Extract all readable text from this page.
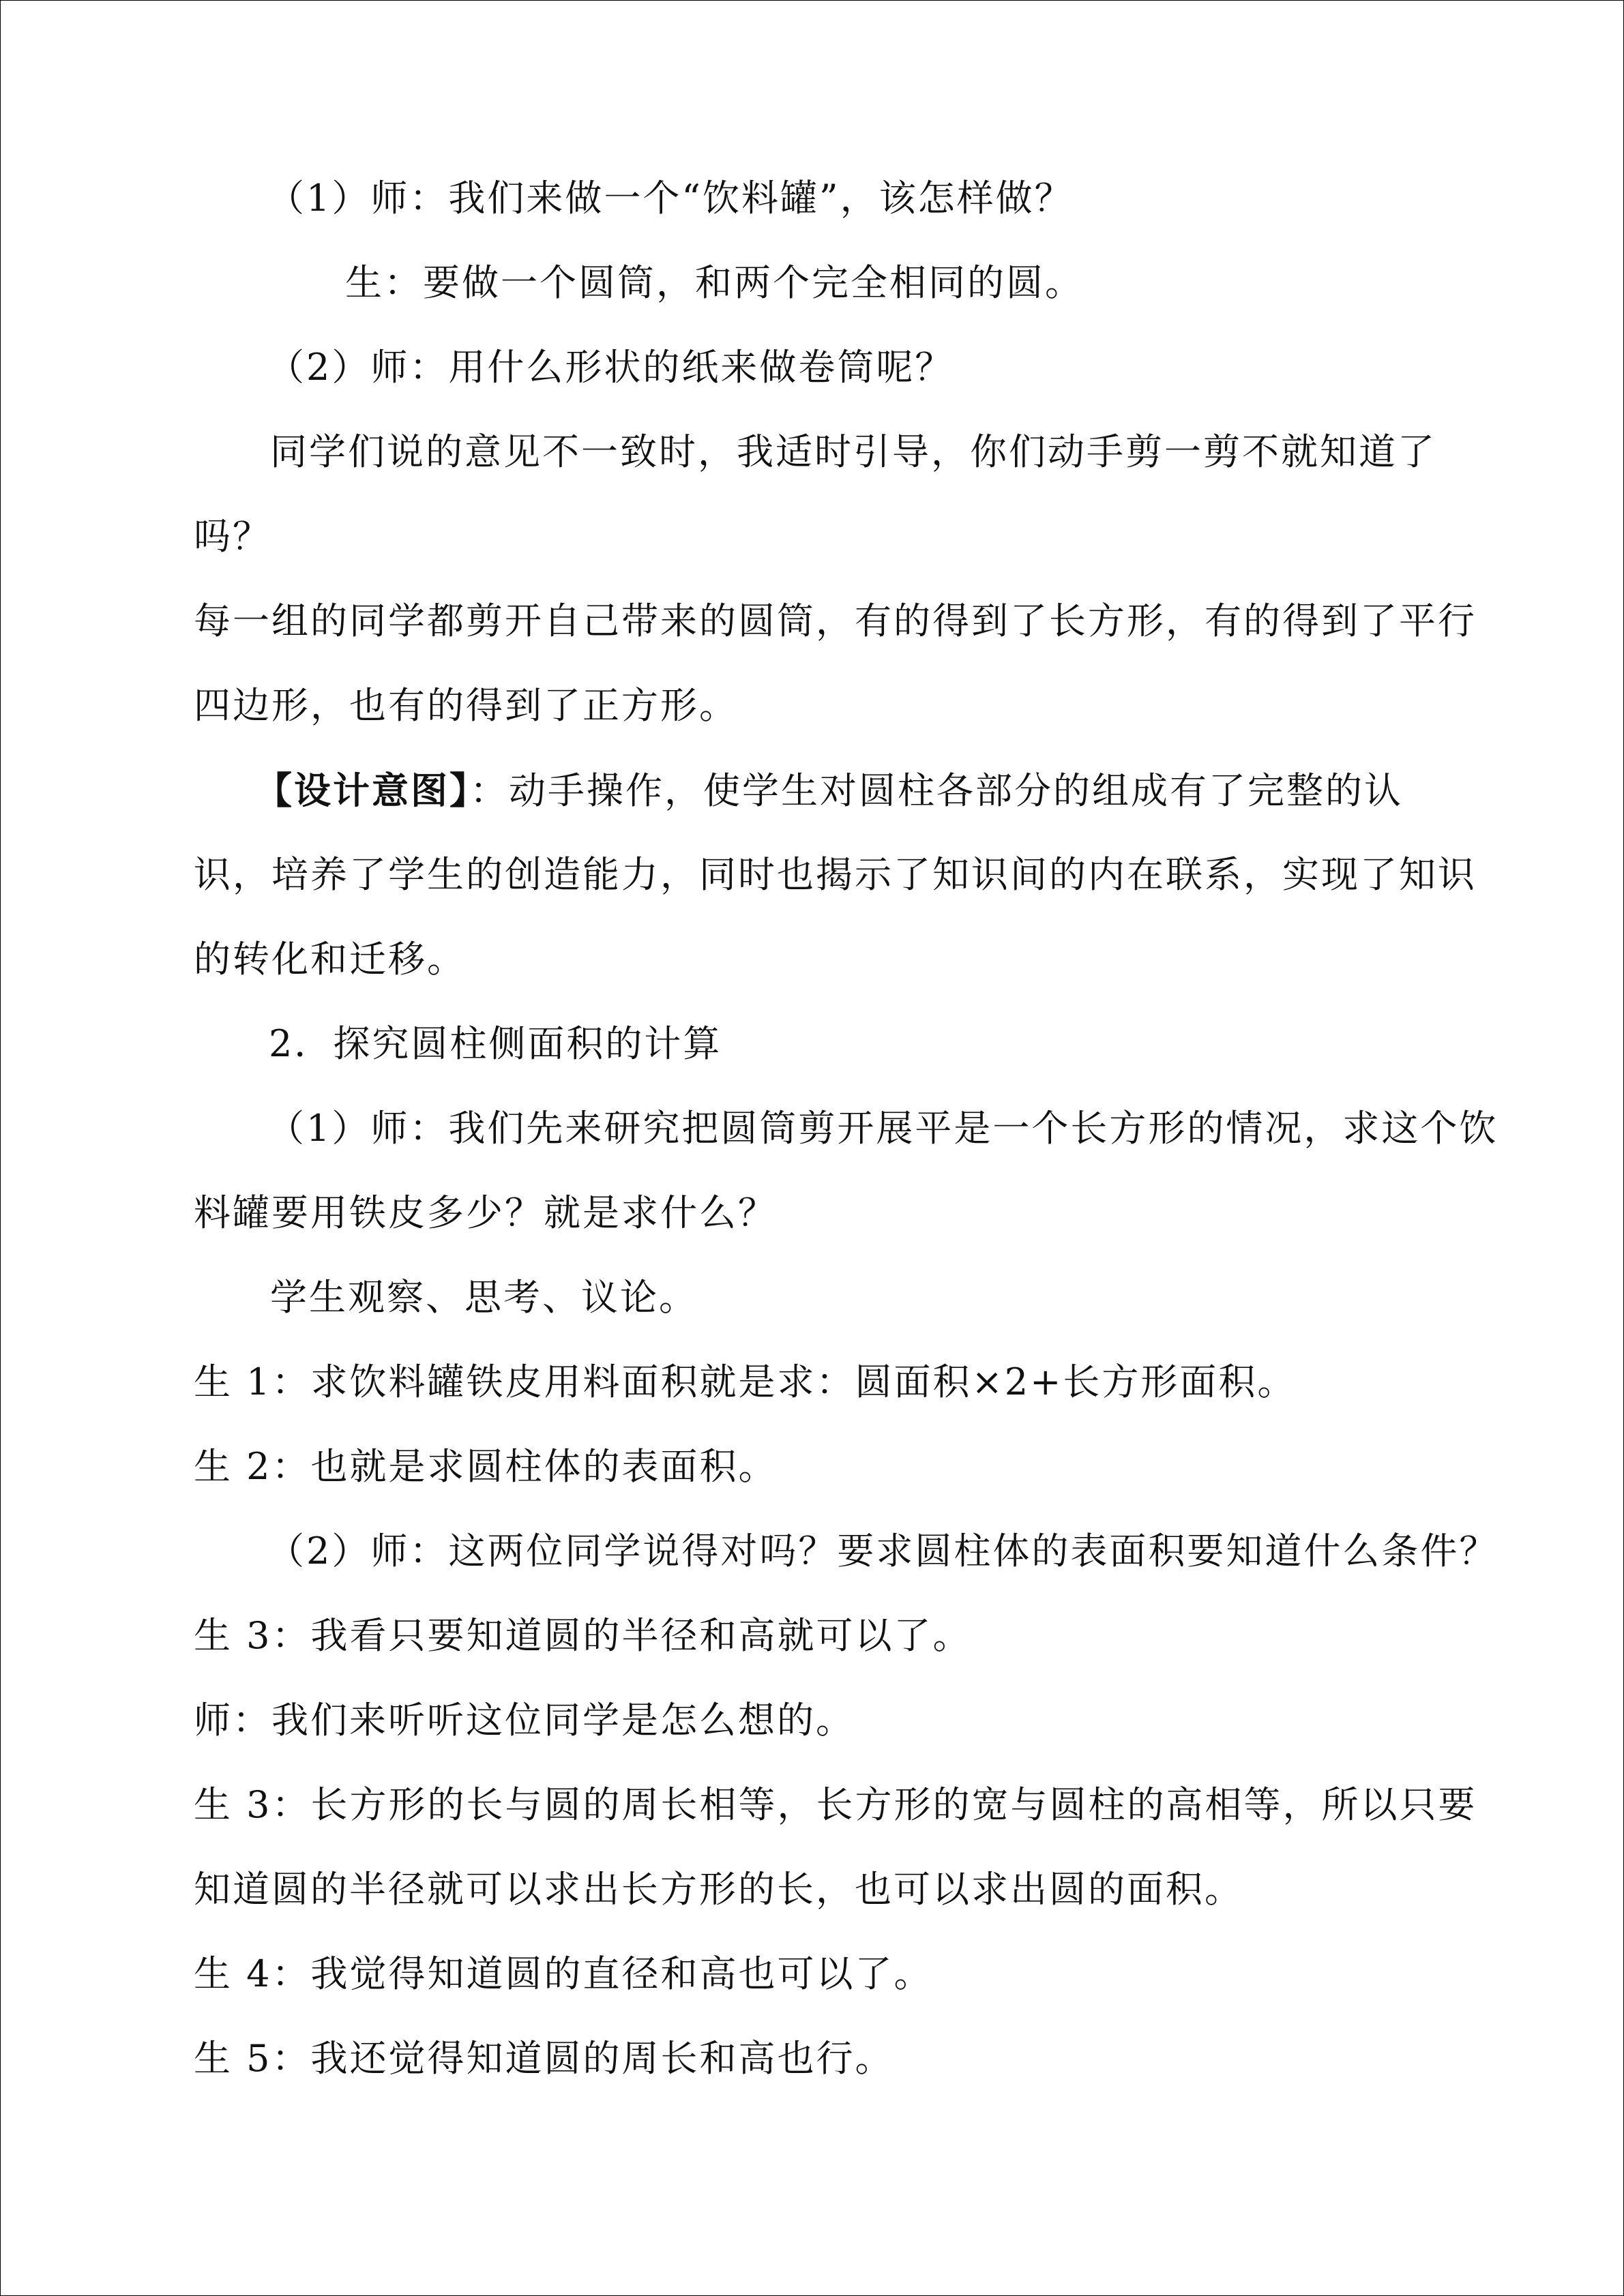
（1）师：我们来做一个“饮料罐”，该怎样做？
生：要做一个圆筒，和两个完全相同的圆。
（2）师：用什么形状的纸来做卷筒呢？
同学们说的意见不一致时，我适时引导，你们动手剪一剪不就知道了
吗？
每一组的同学都剪开自己带来的圆筒，有的得到了长方形，有的得到了平行
四边形，也有的得到了正方形。
【设计意图】：动手操作，使学生对圆柱各部分的组成有了完整的认
识，培养了学生的创造能力，同时也揭示了知识间的内在联系，实现了知识
的转化和迁移。
2．探究圆柱侧面积的计算
（1）师：我们先来研究把圆筒剪开展平是一个长方形的情况，求这个饮
料罐要用铁皮多少？就是求什么？
学生观察、思考、议论。
生 1：求饮料罐铁皮用料面积就是求：圆面积×2+长方形面积。
生 2：也就是求圆柱体的表面积。
（2）师：这两位同学说得对吗？要求圆柱体的表面积要知道什么条件？
生 3：我看只要知道圆的半径和高就可以了。
师：我们来听听这位同学是怎么想的。
生 3：长方形的长与圆的周长相等，长方形的宽与圆柱的高相等，所以只要
知道圆的半径就可以求出长方形的长，也可以求出圆的面积。
生 4：我觉得知道圆的直径和高也可以了。
生 5：我还觉得知道圆的周长和高也行。
